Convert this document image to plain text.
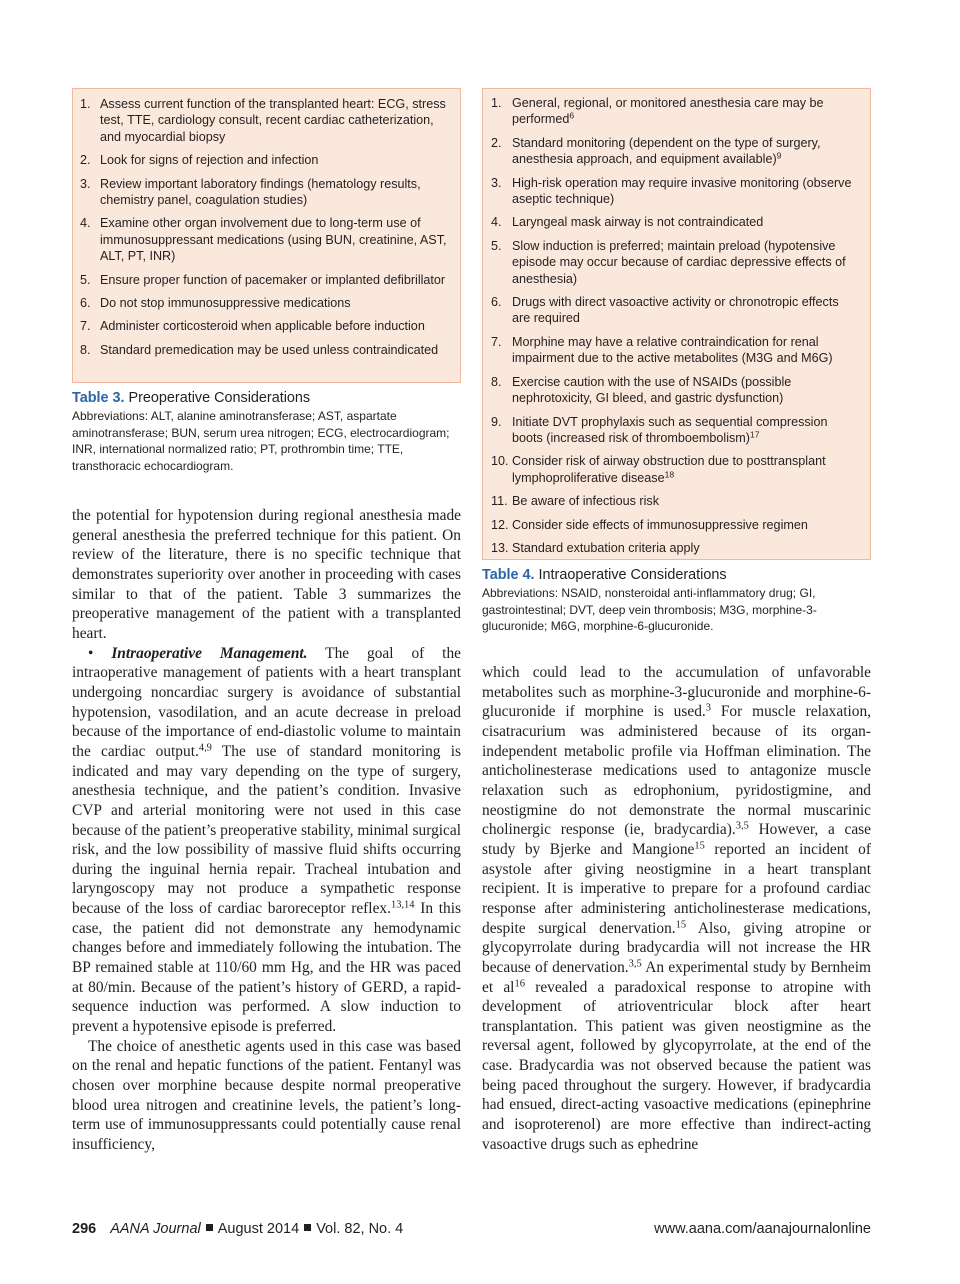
1. Assess current function of the transplanted heart: ECG, stress test, TTE, cardiology consult, recent cardiac catheterization, and myocardial biopsy
2. Look for signs of rejection and infection
3. Review important laboratory findings (hematology results, chemistry panel, coagulation studies)
4. Examine other organ involvement due to long-term use of immunosuppressant medications (using BUN, creatinine, AST, ALT, PT, INR)
5. Ensure proper function of pacemaker or implanted defibrillator
6. Do not stop immunosuppressive medications
7. Administer corticosteroid when applicable before induction
8. Standard premedication may be used unless contraindicated
Table 3. Preoperative Considerations
Abbreviations: ALT, alanine aminotransferase; AST, aspartate aminotransferase; BUN, serum urea nitrogen; ECG, electrocardiogram; INR, international normalized ratio; PT, prothrombin time; TTE, transthoracic echocardiogram.
1. General, regional, or monitored anesthesia care may be performed$^6$
2. Standard monitoring (dependent on the type of surgery, anesthesia approach, and equipment available)$^9$
3. High-risk operation may require invasive monitoring (observe aseptic technique)
4. Laryngeal mask airway is not contraindicated
5. Slow induction is preferred; maintain preload (hypotensive episode may occur because of cardiac depressive effects of anesthesia)
6. Drugs with direct vasoactive activity or chronotropic effects are required
7. Morphine may have a relative contraindication for renal impairment due to the active metabolites (M3G and M6G)
8. Exercise caution with the use of NSAIDs (possible nephrotoxicity, GI bleed, and gastric dysfunction)
9. Initiate DVT prophylaxis such as sequential compression boots (increased risk of thromboembolism)$^{17}$
10. Consider risk of airway obstruction due to posttransplant lymphoproliferative disease$^{18}$
11. Be aware of infectious risk
12. Consider side effects of immunosuppressive regimen
13. Standard extubation criteria apply
Table 4. Intraoperative Considerations
Abbreviations: NSAID, nonsteroidal anti-inflammatory drug; GI, gastrointestinal; DVT, deep vein thrombosis; M3G, morphine-3-glucuronide; M6G, morphine-6-glucuronide.

the potential for hypotension during regional anesthesia made general anesthesia the preferred technique for this patient. On review of the literature, there is no specific technique that demonstrates superiority over another in proceeding with cases similar to that of the patient. Table 3 summarizes the preoperative management of the patient with a transplanted heart.

• Intraoperative Management. The goal of the intraoperative management of patients with a heart transplant undergoing noncardiac surgery is avoidance of substantial hypotension, vasodilation, and an acute decrease in preload because of the importance of end-diastolic volume to maintain the cardiac output.$^{4,9}$ The use of standard monitoring is indicated and may vary depending on the type of surgery, anesthesia technique, and the patient’s condition. Invasive CVP and arterial monitoring were not used in this case because of the patient’s preoperative stability, minimal surgical risk, and the low possibility of massive fluid shifts occurring during the inguinal hernia repair. Tracheal intubation and laryngoscopy may not produce a sympathetic response because of the loss of cardiac baroreceptor reflex.$^{13,14}$ In this case, the patient did not demonstrate any hemodynamic changes before and immediately following the intubation. The BP remained stable at 110/60 mm Hg, and the HR was paced at 80/min. Because of the patient’s history of GERD, a rapid-sequence induction was performed. A slow induction to prevent a hypotensive episode is preferred.

The choice of anesthetic agents used in this case was based on the renal and hepatic functions of the patient. Fentanyl was chosen over morphine because despite normal preoperative blood urea nitrogen and creatinine levels, the patient’s long-term use of immunosuppressants could potentially cause renal insufficiency,

which could lead to the accumulation of unfavorable metabolites such as morphine-3-glucuronide and morphine-6-glucuronide if morphine is used.$^3$ For muscle relaxation, cisatracurium was administered because of its organ-independent metabolic profile via Hoffman elimination. The anticholinesterase medications used to antagonize muscle relaxation such as edrophonium, pyridostigmine, and neostigmine do not demonstrate the normal muscarinic cholinergic response (ie, bradycardia).$^{3,5}$ However, a case study by Bjerke and Mangione$^{15}$ reported an incident of asystole after giving neostigmine in a heart transplant recipient. It is imperative to prepare for a profound cardiac response after administering anticholinesterase medications, despite surgical denervation.$^{15}$ Also, giving atropine or glycopyrrolate during bradycardia will not increase the HR because of denervation.$^{3,5}$ An experimental study by Bernheim et $al^{16}$ revealed a paradoxical response to atropine with development of atrioventricular block after heart transplantation. This patient was given neostigmine as the reversal agent, followed by glycopyrrolate, at the end of the case. Bradycardia was not observed because the patient was being paced throughout the surgery. However, if bradycardia had ensued, direct-acting vasoactive medications (epinephrine and isoproterenol) are more effective than indirect-acting vasoactive drugs such as ephedrine

296 AANA Journal August 2014 Vol. 82, No. 4	www.aana.com/aanajournalonline
